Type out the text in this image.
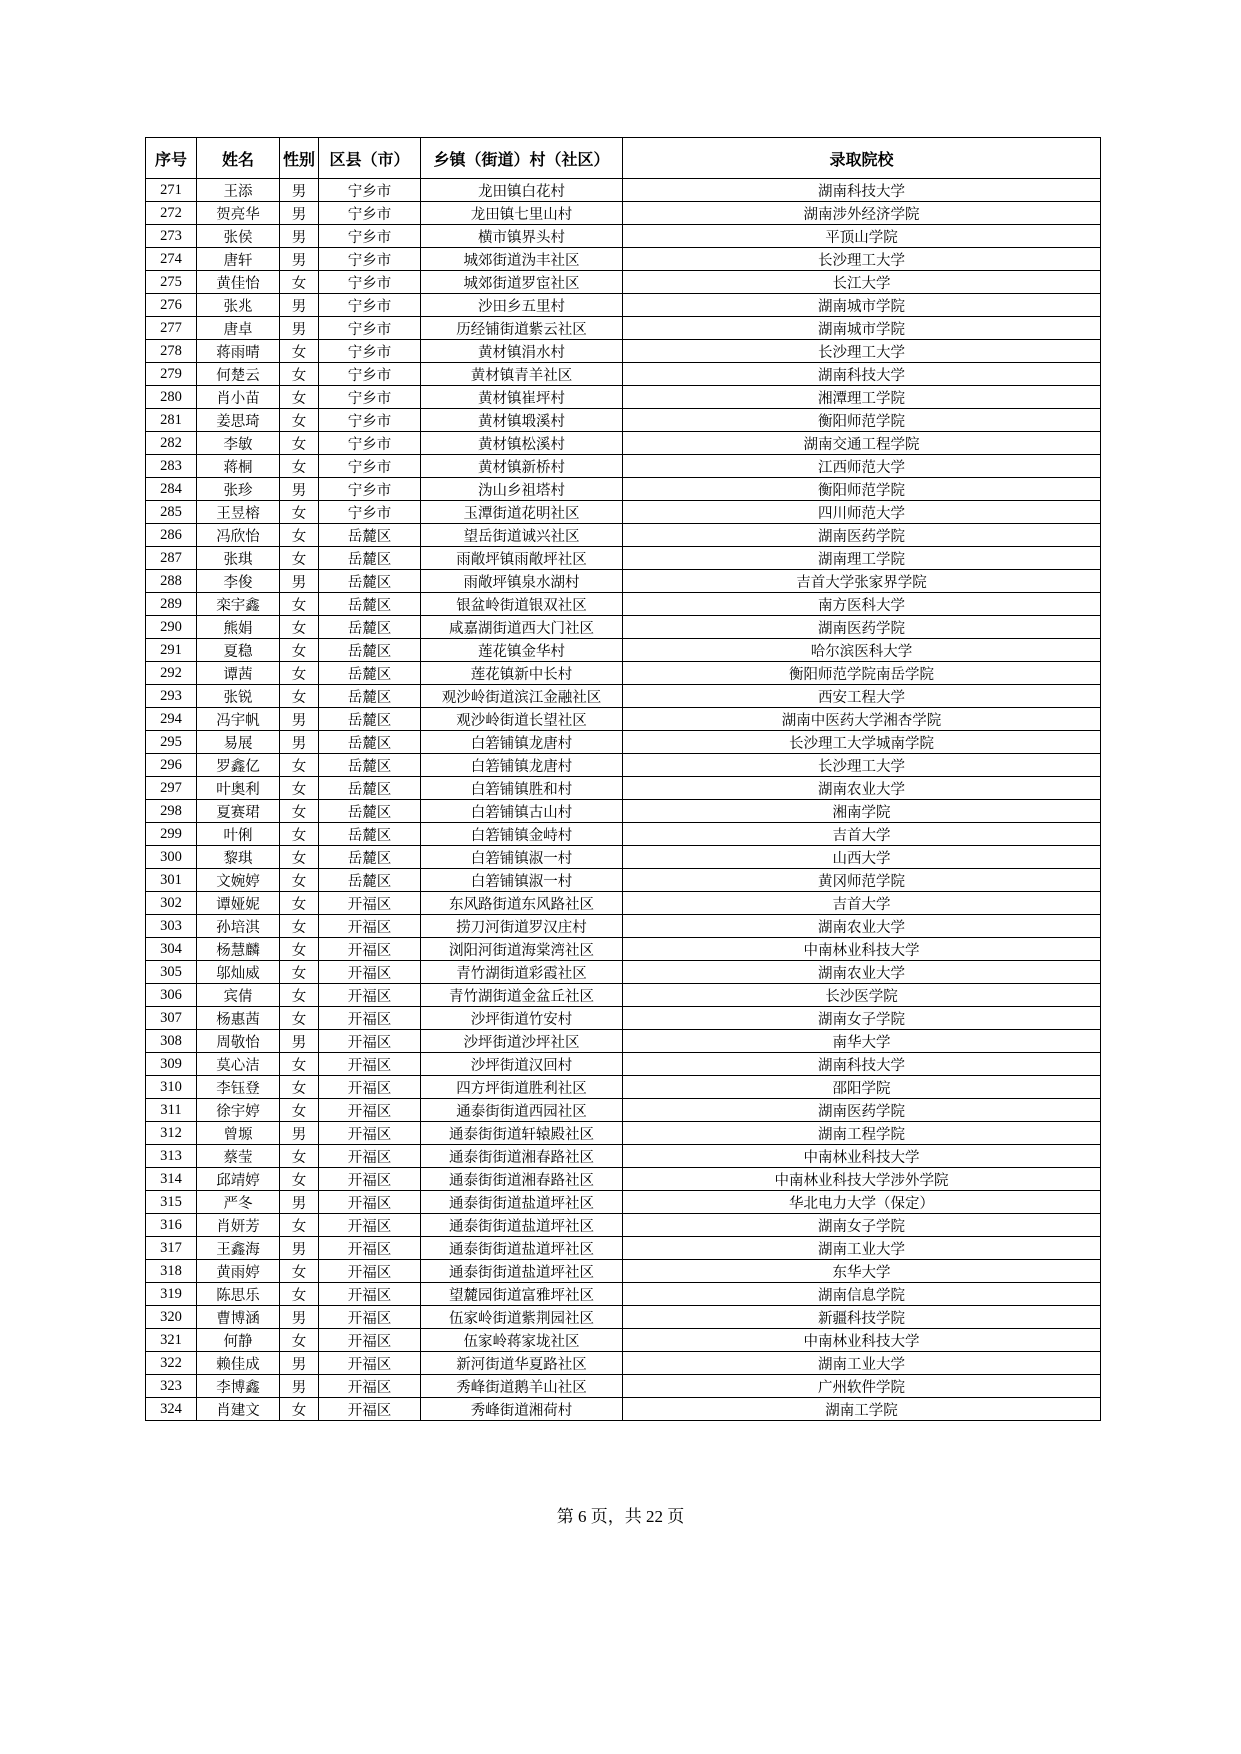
序号	姓名	性别	区县（市）	乡镇（街道）村（社区）	录取院校
271	王添	男	宁乡市	龙田镇白花村	湖南科技大学
272	贺亮华	男	宁乡市	龙田镇七里山村	湖南涉外经济学院
273	张侯	男	宁乡市	横市镇界头村	平顶山学院
274	唐轩	男	宁乡市	城郊街道沩丰社区	长沙理工大学
275	黄佳怡	女	宁乡市	城郊街道罗宦社区	长江大学
276	张兆	男	宁乡市	沙田乡五里村	湖南城市学院
277	唐卓	男	宁乡市	历经铺街道紫云社区	湖南城市学院
278	蒋雨晴	女	宁乡市	黄材镇涓水村	长沙理工大学
279	何楚云	女	宁乡市	黄材镇青羊社区	湖南科技大学
280	肖小苗	女	宁乡市	黄材镇崔坪村	湘潭理工学院
281	姜思琦	女	宁乡市	黄材镇塅溪村	衡阳师范学院
282	李敏	女	宁乡市	黄材镇松溪村	湖南交通工程学院
283	蒋桐	女	宁乡市	黄材镇新桥村	江西师范大学
284	张珍	男	宁乡市	沩山乡祖塔村	衡阳师范学院
285	王昱榕	女	宁乡市	玉潭街道花明社区	四川师范大学
286	冯欣怡	女	岳麓区	望岳街道诚兴社区	湖南医药学院
287	张琪	女	岳麓区	雨敞坪镇雨敞坪社区	湖南理工学院
288	李俊	男	岳麓区	雨敞坪镇泉水湖村	吉首大学张家界学院
289	栾宇鑫	女	岳麓区	银盆岭街道银双社区	南方医科大学
290	熊娟	女	岳麓区	咸嘉湖街道西大门社区	湖南医药学院
291	夏稳	女	岳麓区	莲花镇金华村	哈尔滨医科大学
292	谭茜	女	岳麓区	莲花镇新中长村	衡阳师范学院南岳学院
293	张锐	女	岳麓区	观沙岭街道滨江金融社区	西安工程大学
294	冯宇帆	男	岳麓区	观沙岭街道长望社区	湖南中医药大学湘杏学院
295	易展	男	岳麓区	白箬铺镇龙唐村	长沙理工大学城南学院
296	罗鑫亿	女	岳麓区	白箬铺镇龙唐村	长沙理工大学
297	叶奥利	女	岳麓区	白箬铺镇胜和村	湖南农业大学
298	夏赛珺	女	岳麓区	白箬铺镇古山村	湘南学院
299	叶俐	女	岳麓区	白箬铺镇金峙村	吉首大学
300	黎琪	女	岳麓区	白箬铺镇淑一村	山西大学
301	文婉婷	女	岳麓区	白箬铺镇淑一村	黄冈师范学院
302	谭娅妮	女	开福区	东风路街道东风路社区	吉首大学
303	孙培淇	女	开福区	捞刀河街道罗汉庄村	湖南农业大学
304	杨慧麟	女	开福区	浏阳河街道海棠湾社区	中南林业科技大学
305	邬灿威	女	开福区	青竹湖街道彩霞社区	湖南农业大学
306	宾倩	女	开福区	青竹湖街道金盆丘社区	长沙医学院
307	杨惠茜	女	开福区	沙坪街道竹安村	湖南女子学院
308	周敬怡	男	开福区	沙坪街道沙坪社区	南华大学
309	莫心洁	女	开福区	沙坪街道汉回村	湖南科技大学
310	李钰登	女	开福区	四方坪街道胜利社区	邵阳学院
311	徐宇婷	女	开福区	通泰街街道西园社区	湖南医药学院
312	曾塬	男	开福区	通泰街街道轩辕殿社区	湖南工程学院
313	蔡莹	女	开福区	通泰街街道湘春路社区	中南林业科技大学
314	邱靖婷	女	开福区	通泰街街道湘春路社区	中南林业科技大学涉外学院
315	严冬	男	开福区	通泰街街道盐道坪社区	华北电力大学（保定）
316	肖妍芳	女	开福区	通泰街街道盐道坪社区	湖南女子学院
317	王鑫海	男	开福区	通泰街街道盐道坪社区	湖南工业大学
318	黄雨婷	女	开福区	通泰街街道盐道坪社区	东华大学
319	陈思乐	女	开福区	望麓园街道富雅坪社区	湖南信息学院
320	曹博涵	男	开福区	伍家岭街道紫荆园社区	新疆科技学院
321	何静	女	开福区	伍家岭蒋家垅社区	中南林业科技大学
322	赖佳成	男	开福区	新河街道华夏路社区	湖南工业大学
323	李博鑫	男	开福区	秀峰街道鹅羊山社区	广州软件学院
324	肖建文	女	开福区	秀峰街道湘荷村	湖南工学院
第 6 页，共 22 页
